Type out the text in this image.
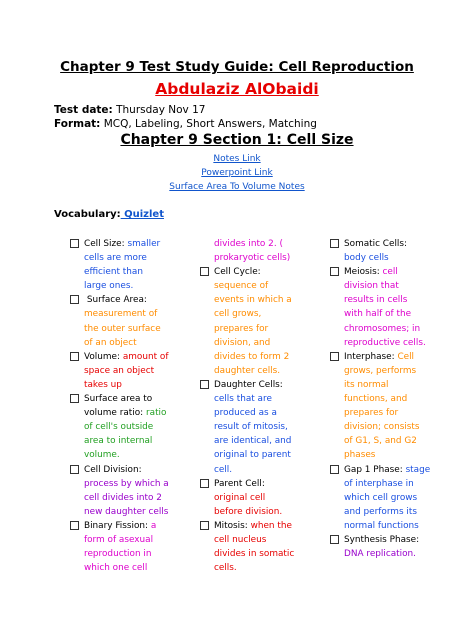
Chapter 9 Test Study Guide: Cell Reproduction
Abdulaziz AlObaidi
Test date: Thursday Nov 17
Format: MCQ, Labeling, Short Answers, Matching
Chapter 9 Section 1: Cell Size
Notes Link
Powerpoint Link
Surface Area To Volume Notes
Vocabulary: Quizlet
Cell Size: smaller
cells are more
efficient than
large ones.
Surface Area:
measurement of
the outer surface
of an object
Volume: amount of
space an object
takes up
Surface area to
volume ratio: ratio
of cell's outside
area to internal
volume.
Cell Division:
process by which a
cell divides into 2
new daughter cells
Binary Fission: a
form of asexual
reproduction in
which one cell
divides into 2. (
prokaryotic cells)
Cell Cycle:
sequence of
events in which a
cell grows,
prepares for
division, and
divides to form 2
daughter cells.
Daughter Cells:
cells that are
produced as a
result of mitosis,
are identical, and
original to parent
cell.
Parent Cell:
original cell
before division.
Mitosis: when the
cell nucleus
divides in somatic
cells.
Somatic Cells:
body cells
Meiosis: cell
division that
results in cells
with half of the
chromosomes; in
reproductive cells.
Interphase: Cell
grows, performs
its normal
functions, and
prepares for
division; consists
of G1, S, and G2
phases
Gap 1 Phase: stage
of interphase in
which cell grows
and performs its
normal functions
Synthesis Phase:
DNA replication.
